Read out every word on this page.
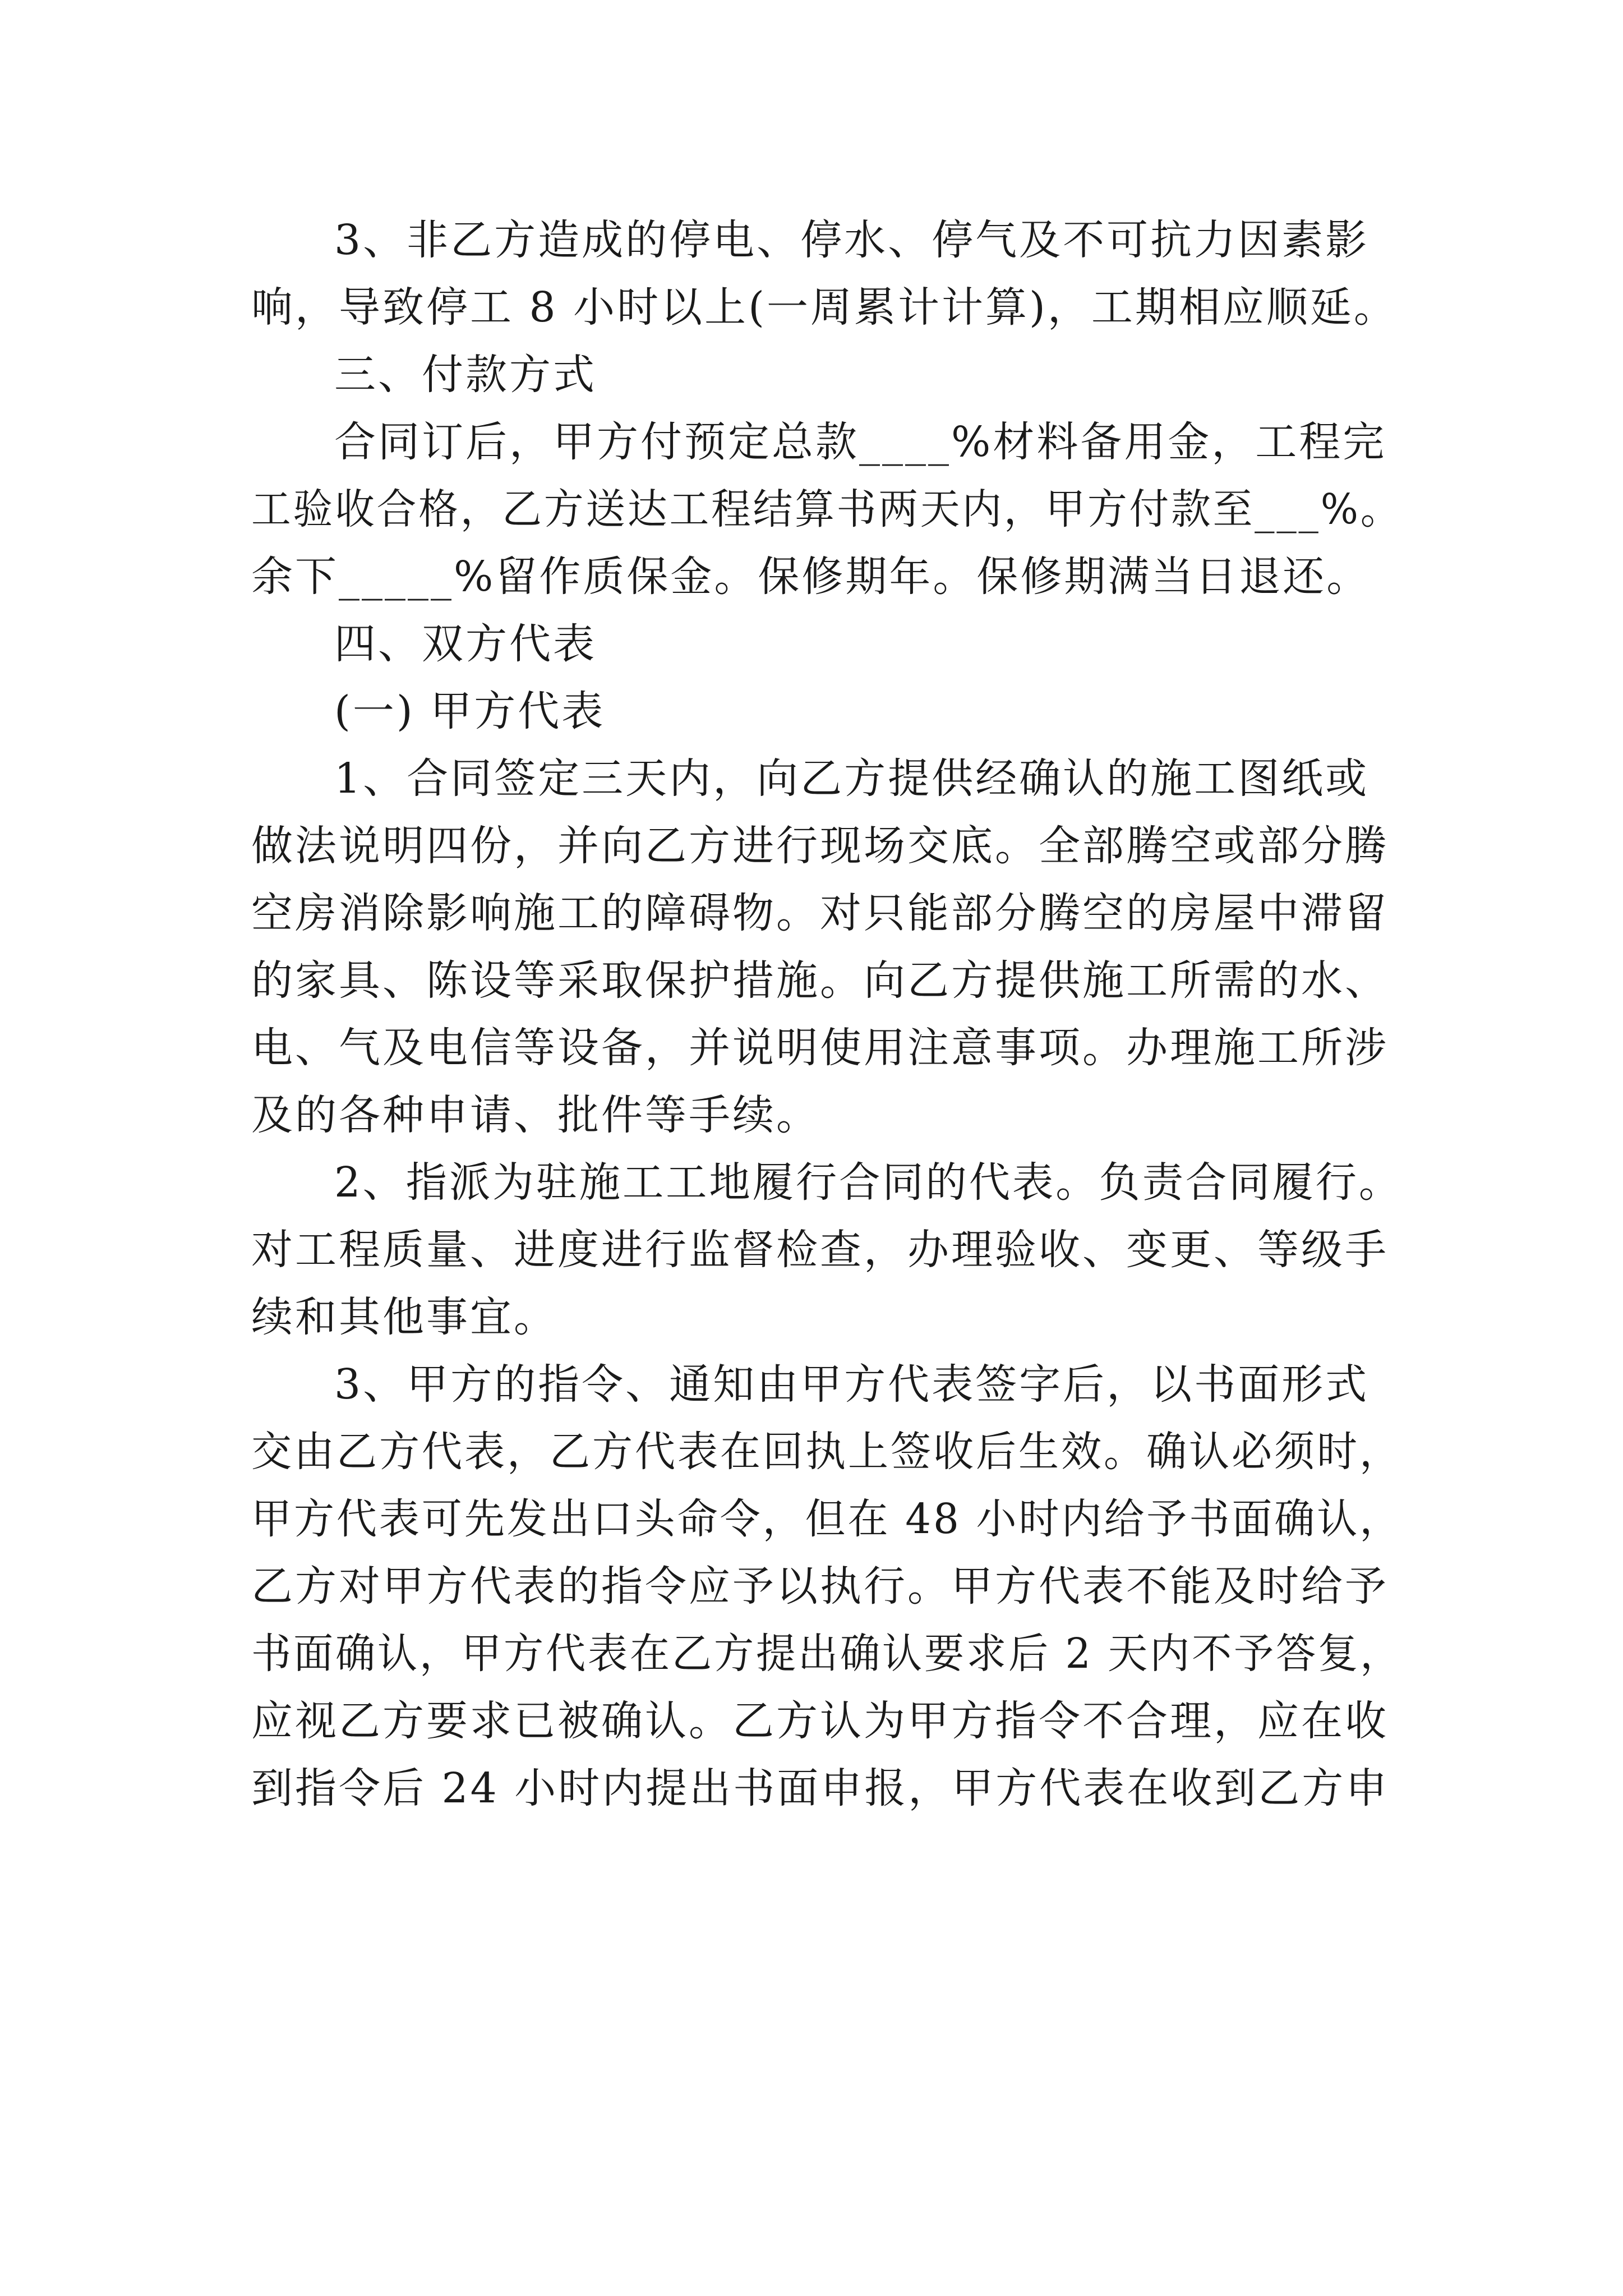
3、非乙方造成的停电、停水、停气及不可抗力因素影
响，导致停工 8 小时以上(一周累计计算)，工期相应顺延。
三、付款方式
合同订后，甲方付预定总款____%材料备用金，工程完
工验收合格，乙方送达工程结算书两天内，甲方付款至___%。
余下_____%留作质保金。保修期年。保修期满当日退还。
四、双方代表
(一) 甲方代表
1、合同签定三天内，向乙方提供经确认的施工图纸或
做法说明四份，并向乙方进行现场交底。全部腾空或部分腾
空房消除影响施工的障碍物。对只能部分腾空的房屋中滞留
的家具、陈设等采取保护措施。向乙方提供施工所需的水、
电、气及电信等设备，并说明使用注意事项。办理施工所涉
及的各种申请、批件等手续。
2、指派为驻施工工地履行合同的代表。负责合同履行。
对工程质量、进度进行监督检查，办理验收、变更、等级手
续和其他事宜。
3、甲方的指令、通知由甲方代表签字后，以书面形式
交由乙方代表，乙方代表在回执上签收后生效。确认必须时，
甲方代表可先发出口头命令，但在 48 小时内给予书面确认，
乙方对甲方代表的指令应予以执行。甲方代表不能及时给予
书面确认，甲方代表在乙方提出确认要求后 2 天内不予答复，
应视乙方要求已被确认。乙方认为甲方指令不合理，应在收
到指令后 24 小时内提出书面申报，甲方代表在收到乙方申
